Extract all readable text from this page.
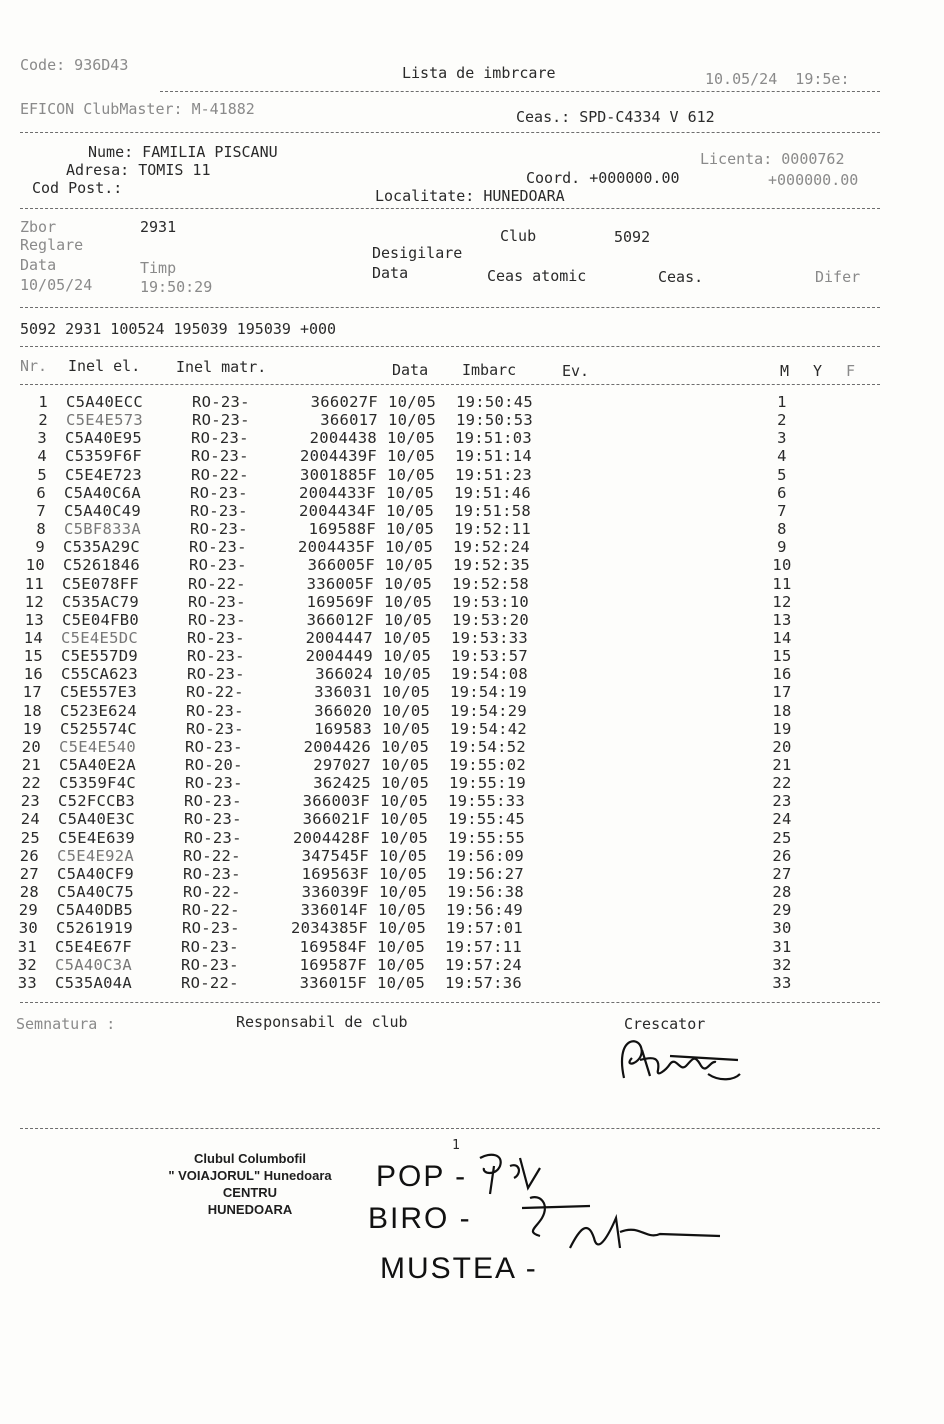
Code: 936D43	Lista de imbrcare	10.05/24  19:5e:
EFICON ClubMaster: M-41882	Ceas.: SPD-C4334 V 612
Nume: FAMILIA PISCANU	Licenta: 0000762
Adresa: TOMIS 11	Coord. +000000.00	+000000.00
Cod Post.:	Localitate: HUNEDOARA
Zbor	2931	Club	5092
Reglare	Desigilare
Data	Timp	Data	Ceas atomic	Ceas.	Difer
10/05/24	19:50:29
5092 2931 100524 195039 195039 +000
Nr. Inel el. Inel matr.	Data Imbarc	Ev.	M Y F
1 C5A40ECC	RO-23-	366027F 10/05 19:50:45	1
2 C5E4E573	RO-23-	366017 10/05 19:50:53	2
3 C5A40E95	RO-23-	2004438 10/05 19:51:03	3
4 C5359F6F	RO-23-	2004439F 10/05 19:51:14	4
5 C5E4E723	RO-22-	3001885F 10/05 19:51:23	5
6 C5A40C6A	RO-23-	2004433F 10/05 19:51:46	6
7 C5A40C49	RO-23-	2004434F 10/05 19:51:58	7
8 C5BF833A	RO-23-	169588F 10/05 19:52:11	8
9 C535A29C	RO-23-	2004435F 10/05 19:52:24	9
10 C5261846	RO-23-	366005F 10/05 19:52:35	10
11 C5E078FF	RO-22-	336005F 10/05 19:52:58	11
12 C535AC79	RO-23-	169569F 10/05 19:53:10	12
13 C5E04FB0	RO-23-	366012F 10/05 19:53:20	13
14 C5E4E5DC	RO-23-	2004447 10/05 19:53:33	14
15 C5E557D9	RO-23-	2004449 10/05 19:53:57	15
16 C55CA623	RO-23-	366024 10/05 19:54:08	16
17 C5E557E3	RO-22-	336031 10/05 19:54:19	17
18 C523E624	RO-23-	366020 10/05 19:54:29	18
19 C525574C	RO-23-	169583 10/05 19:54:42	19
20 C5E4E540	RO-23-	2004426 10/05 19:54:52	20
21 C5A40E2A	RO-20-	297027 10/05 19:55:02	21
22 C5359F4C	RO-23-	362425 10/05 19:55:19	22
23 C52FCCB3	RO-23-	366003F 10/05 19:55:33	23
24 C5A40E3C	RO-23-	366021F 10/05 19:55:45	24
25 C5E4E639	RO-23-	2004428F 10/05 19:55:55	25
26 C5E4E92A	RO-22-	347545F 10/05 19:56:09	26
27 C5A40CF9	RO-23-	169563F 10/05 19:56:27	27
28 C5A40C75	RO-22-	336039F 10/05 19:56:38	28
29 C5A40DB5	RO-22-	336014F 10/05 19:56:49	29
30 C5261919	RO-23-	2034385F 10/05 19:57:01	30
31 C5E4E67F	RO-23-	169584F 10/05 19:57:11	31
32 C5A40C3A	RO-23-	169587F 10/05 19:57:24	32
33 C535A04A	RO-22-	336015F 10/05 19:57:36	33
Semnatura :	Responsabil de club	Crescator
1
Clubul Columbofil
" VOIAJORUL" Hunedoara
CENTRU
HUNEDOARA
POP -
BIRO -
MUSTEA -
